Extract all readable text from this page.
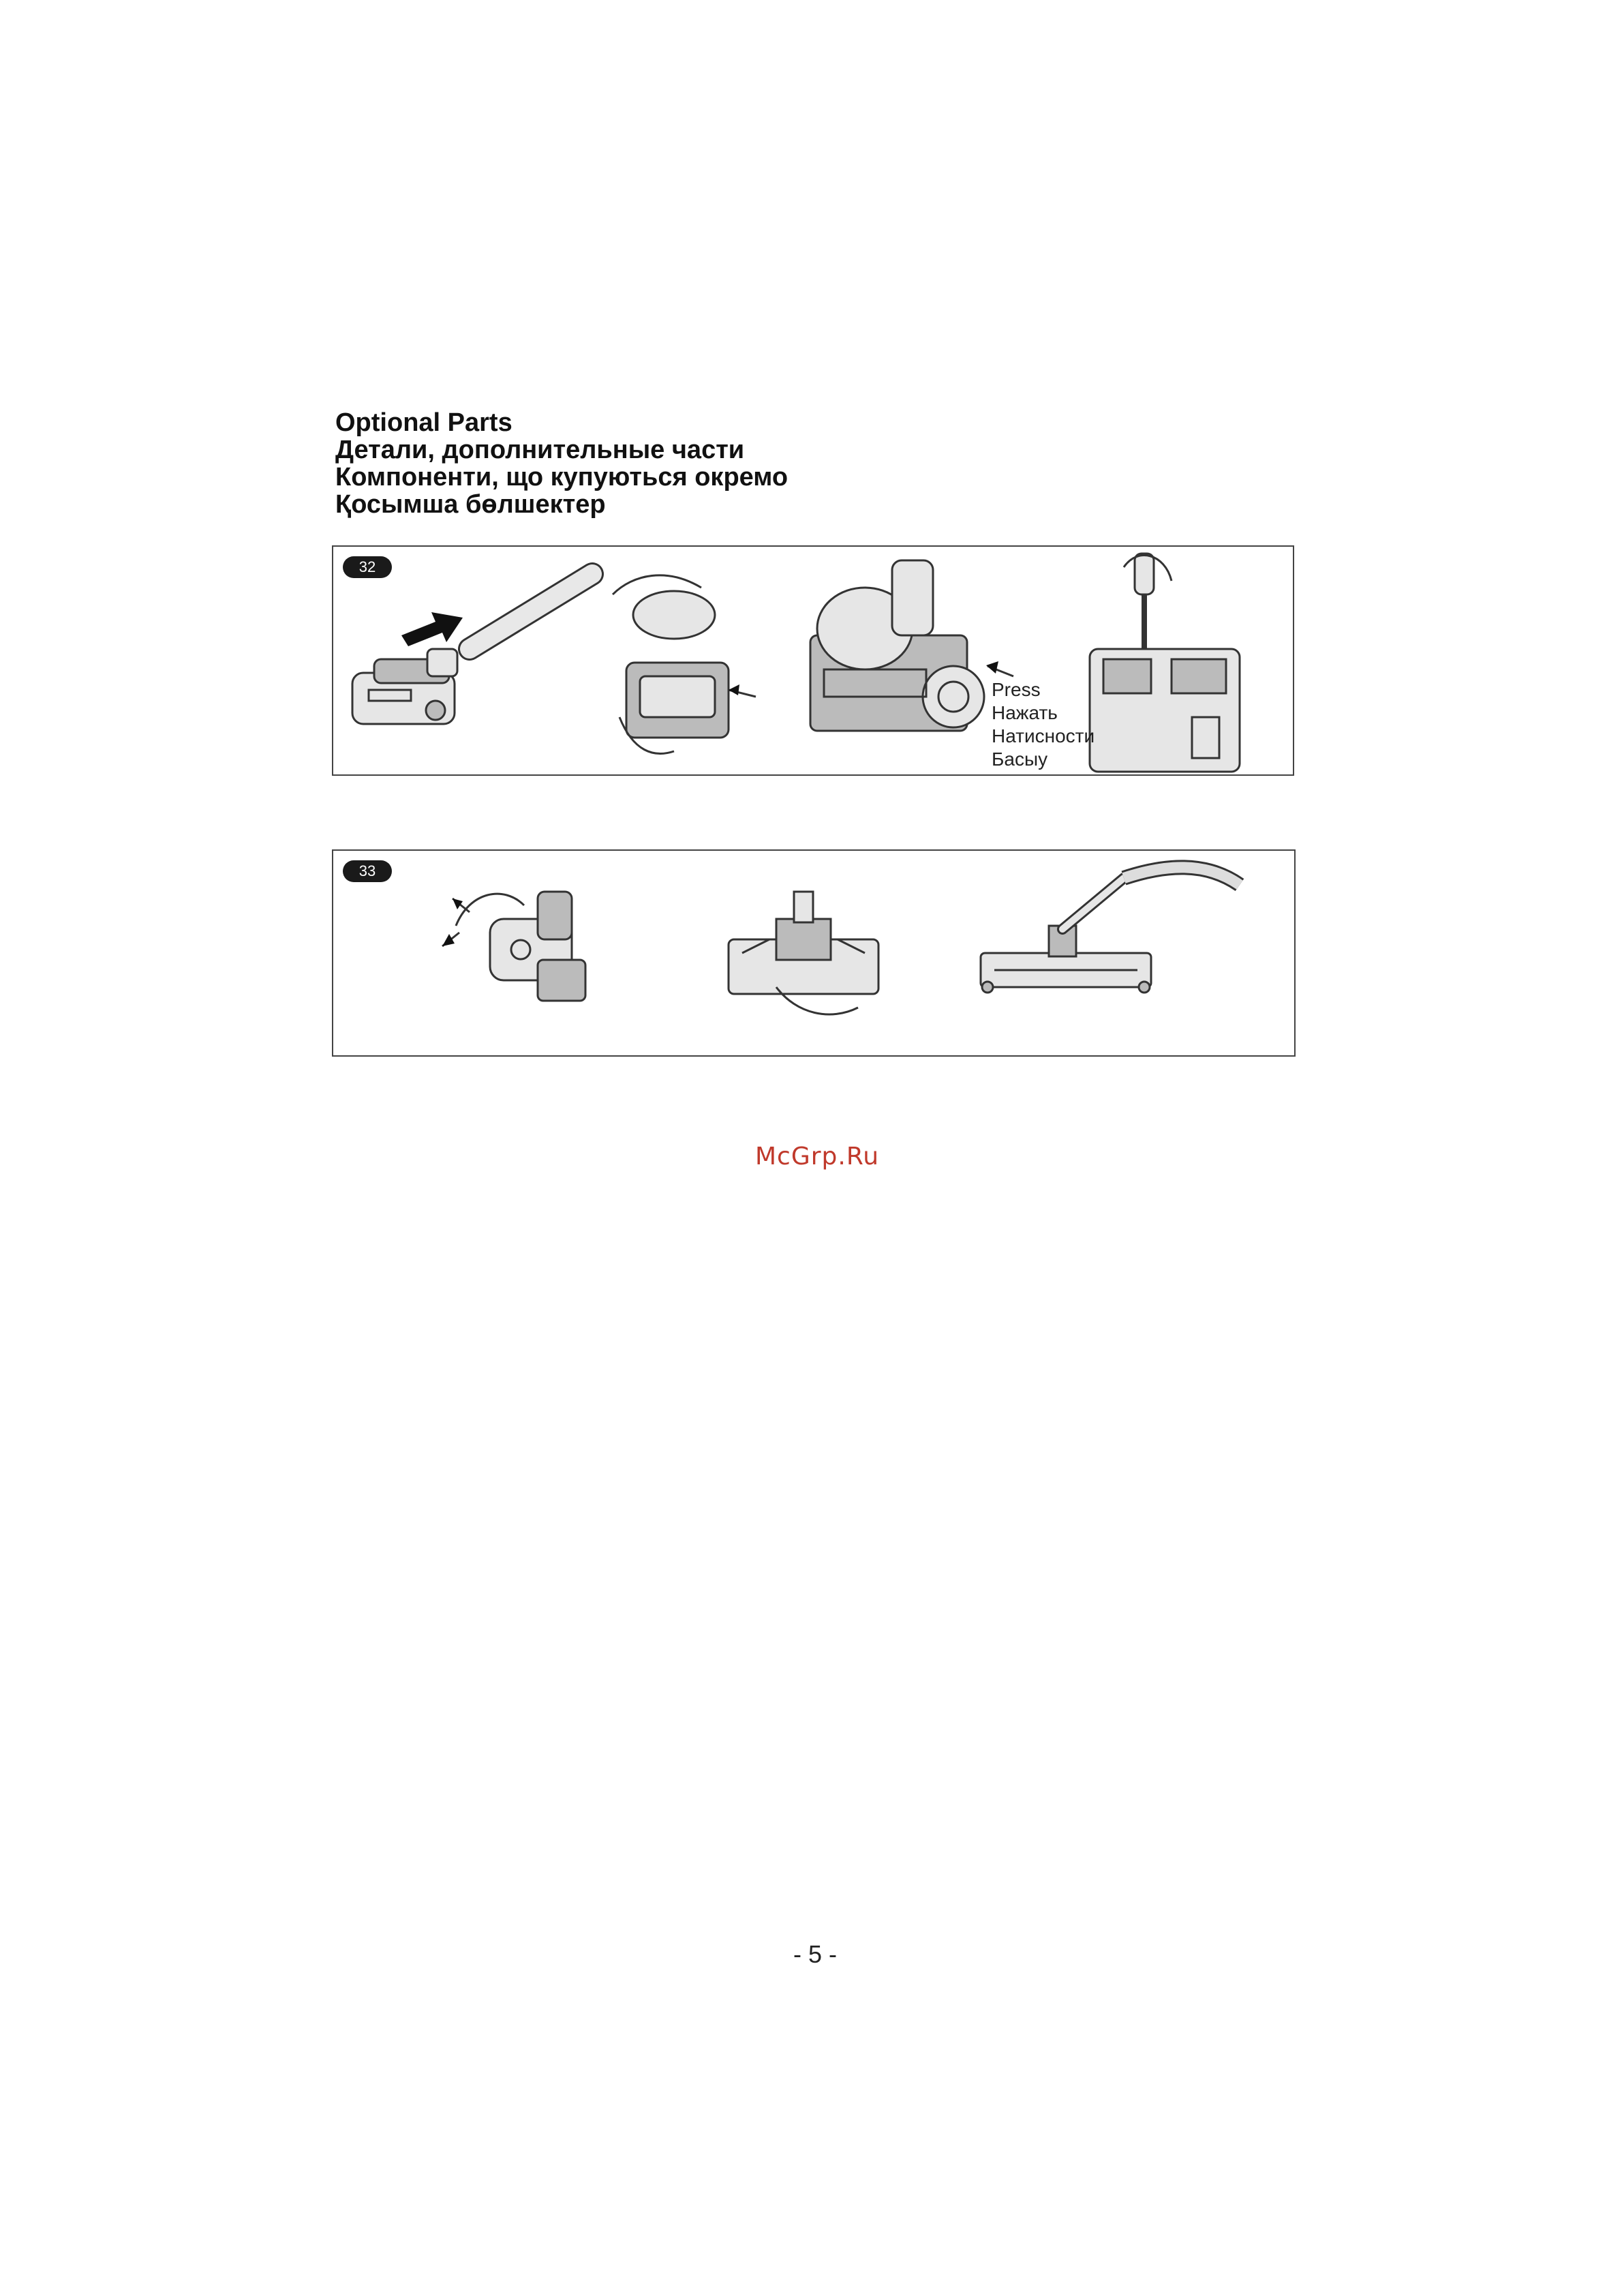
Optional Parts
Детали, дополнительные части
Компоненти, що купуються окремо
Қосымша бөлшектер
32
Press
Нажать
Натисности
Басыу
33
McGrp.Ru
- 5 -
